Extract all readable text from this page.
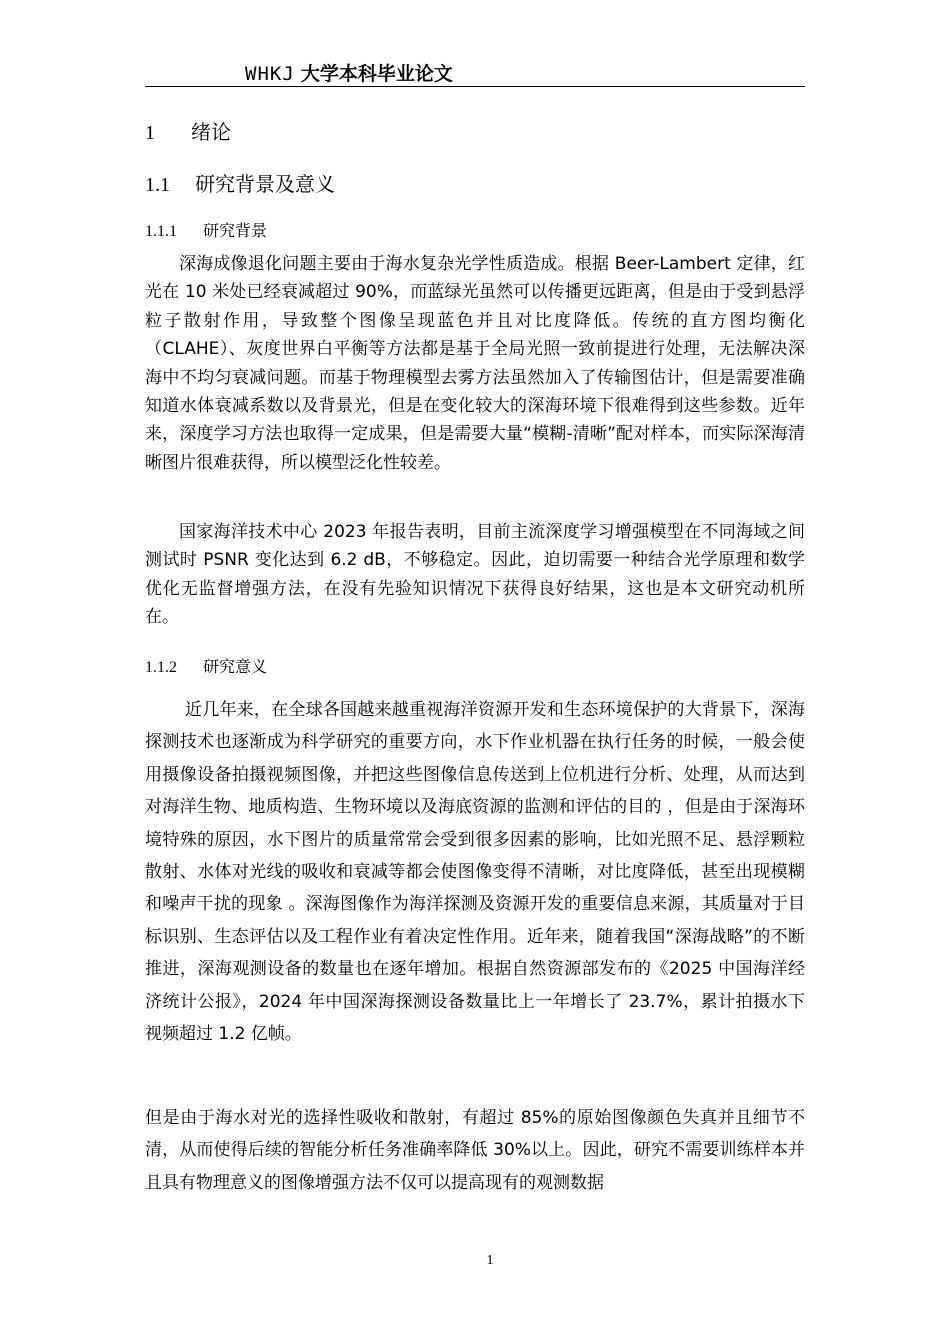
WHKJ 大学本科毕业论文
1 绪论
1.1 研究背景及意义
1.1.1 研究背景

深海成像退化问题主要由于海水复杂光学性质造成。根据 Beer-Lambert 定律，红光在 10 米处已经衰减超过 90%，而蓝绿光虽然可以传播更远距离，但是由于受到悬浮粒子散射作用，导致整个图像呈现蓝色并且对比度降低。传统的直方图均衡化（CLAHE）、灰度世界白平衡等方法都是基于全局光照一致前提进行处理，无法解决深海中不均匀衰减问题。而基于物理模型去雾方法虽然加入了传输图估计，但是需要准确知道水体衰减系数以及背景光，但是在变化较大的深海环境下很难得到这些参数。近年来，深度学习方法也取得一定成果，但是需要大量“模糊-清晰”配对样本，而实际深海清晰图片很难获得，所以模型泛化性较差。

国家海洋技术中心 2023 年报告表明，目前主流深度学习增强模型在不同海域之间测试时 PSNR 变化达到 6.2 dB，不够稳定。因此，迫切需要一种结合光学原理和数学优化无监督增强方法，在没有先验知识情况下获得良好结果，这也是本文研究动机所在。

1.1.2 研究意义

近几年来，在全球各国越来越重视海洋资源开发和生态环境保护的大背景下，深海探测技术也逐渐成为科学研究的重要方向，水下作业机器在执行任务的时候，一般会使用摄像设备拍摄视频图像，并把这些图像信息传送到上位机进行分析、处理，从而达到对海洋生物、地质构造、生物环境以及海底资源的监测和评估的目的 ，但是由于深海环境特殊的原因，水下图片的质量常常会受到很多因素的影响，比如光照不足、悬浮颗粒散射、水体对光线的吸收和衰减等都会使图像变得不清晰，对比度降低，甚至出现模糊和噪声干扰的现象 。深海图像作为海洋探测及资源开发的重要信息来源，其质量对于目标识别、生态评估以及工程作业有着决定性作用。近年来，随着我国“深海战略”的不断推进，深海观测设备的数量也在逐年增加。根据自然资源部发布的《2025 中国海洋经济统计公报》，2024 年中国深海探测设备数量比上一年增长了 23.7%，累计拍摄水下视频超过 1.2 亿帧。

但是由于海水对光的选择性吸收和散射，有超过 85%的原始图像颜色失真并且细节不清，从而使得后续的智能分析任务准确率降低 30%以上。因此，研究不需要训练样本并且具有物理意义的图像增强方法不仅可以提高现有的观测数据

1
